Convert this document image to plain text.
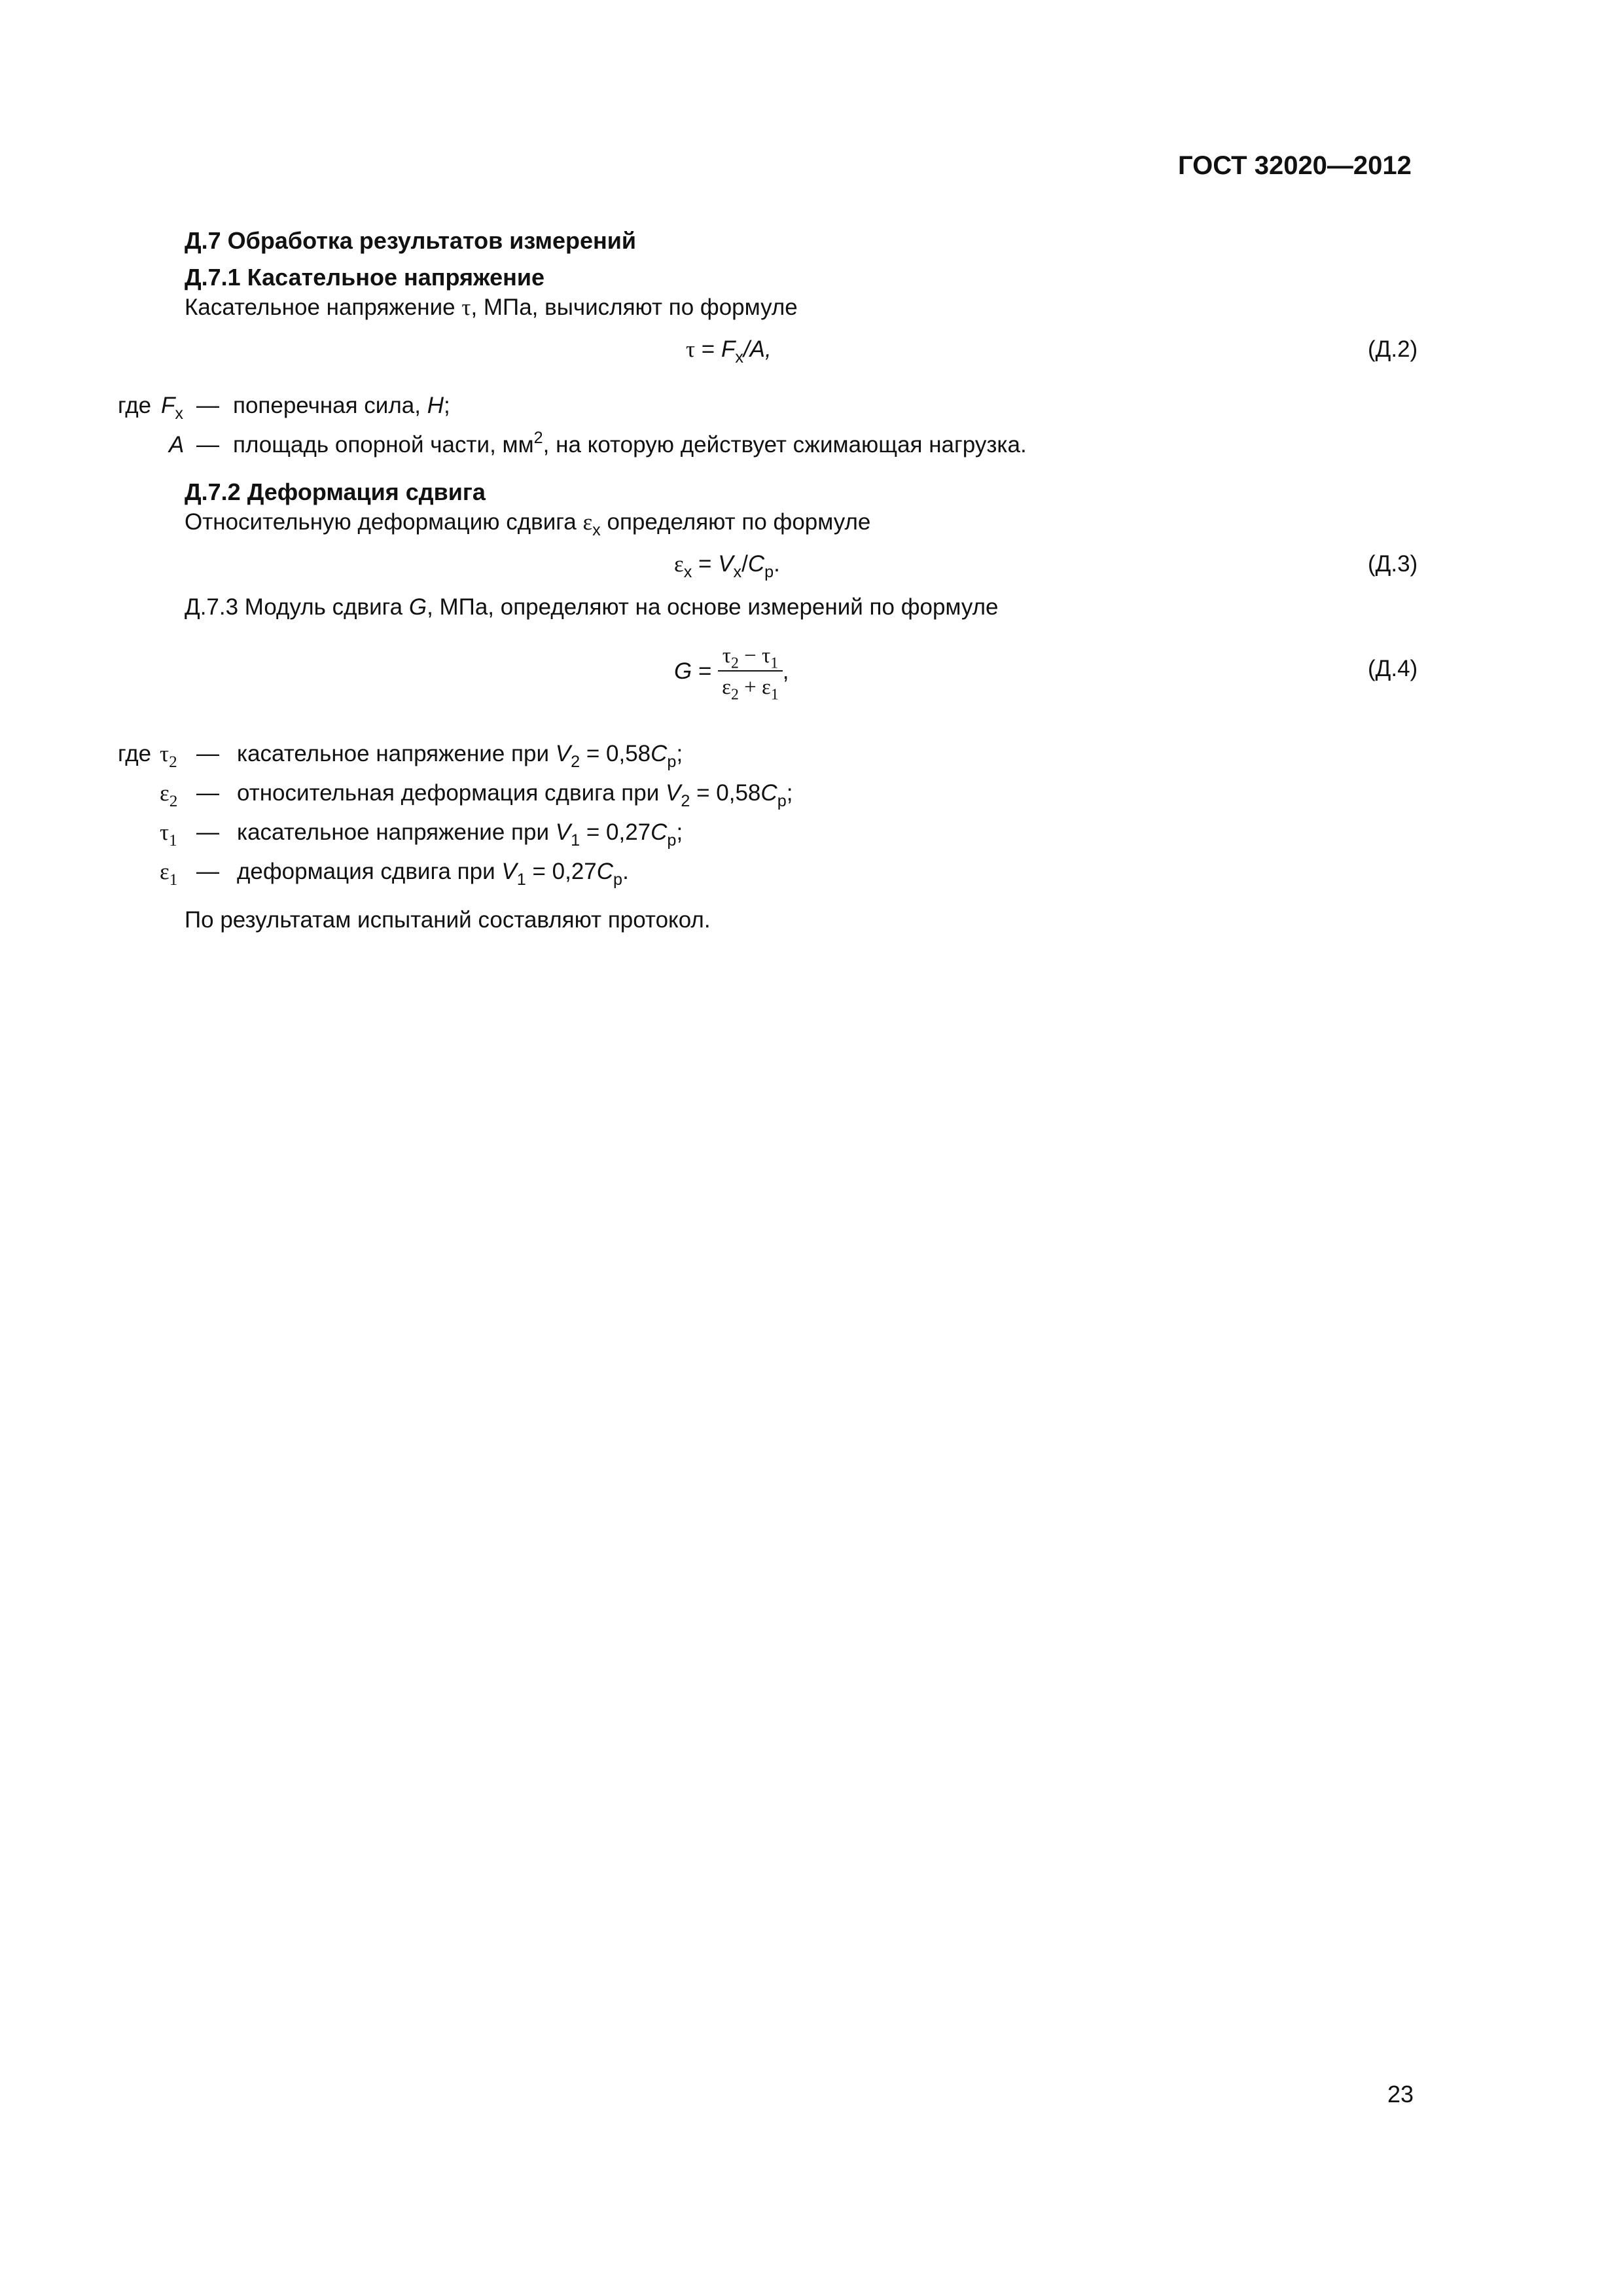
ГОСТ 32020—2012
Д.7 Обработка результатов измерений
Д.7.1 Касательное напряжение
Касательное напряжение τ, МПа, вычисляют по формуле
$\tau = F_x/A$,	(Д.2)
где $F_x$ — поперечная сила, Н;
A — площадь опорной части, $мм^2$, на которую действует сжимающая нагрузка.
Д.7.2 Деформация сдвига
Относительную деформацию сдвига $\varepsilon_x$ определяют по формуле
$\varepsilon_x = V_x/C_p$.	(Д.3)
Д.7.3 Модуль сдвига G, МПа, определяют на основе измерений по формуле
$G = \frac{\tau_2 - \tau_1}{\varepsilon_2 + \varepsilon_1}$ ,	(Д.4)
где $\tau_2$ — касательное напряжение при $V_2 = 0,58C_p$;
$\varepsilon_2$ — относительная деформация сдвига при $V_2 = 0,58C_p$;
$\tau_1$ — касательное напряжение при $V_1 = 0,27C_p$;
$\varepsilon_1$ — деформация сдвига при $V_1 = 0,27C_p$.
По результатам испытаний составляют протокол.
23
